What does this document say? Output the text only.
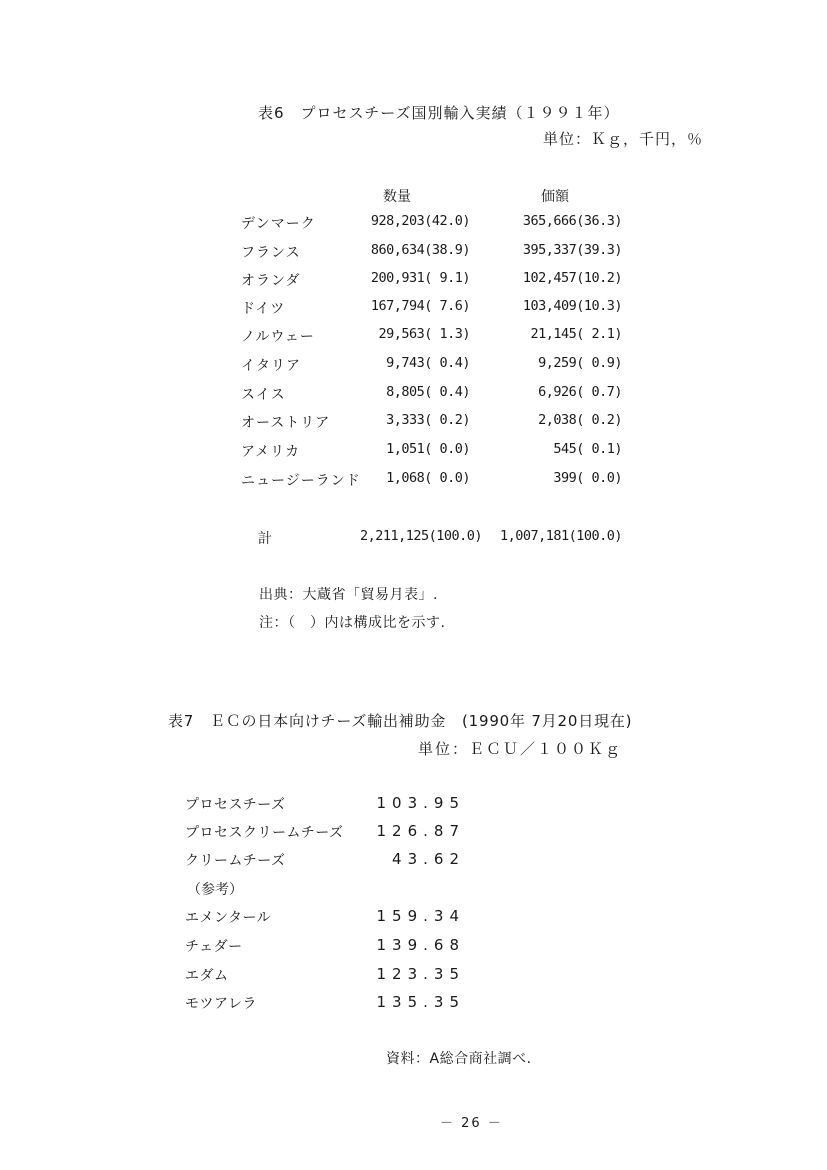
表6　プロセスチーズ国別輸入実績（１９９１年）
単位：Ｋｇ，千円，％
数量	価額
デンマーク	928,203(42.0)	365,666(36.3)
フランス	860,634(38.9)	395,337(39.3)
オランダ	200,931( 9.1)	102,457(10.2)
ドイツ	167,794( 7.6)	103,409(10.3)
ノルウェー	29,563( 1.3)	21,145( 2.1)
イタリア	9,743( 0.4)	9,259( 0.9)
スイス	8,805( 0.4)	6,926( 0.7)
オーストリア	3,333( 0.2)	2,038( 0.2)
アメリカ	1,051( 0.0)	545( 0.1)
ニュージーランド 1,068( 0.0)	399( 0.0)
計	2,211,125(100.0) 1,007,181(100.0)
出典：大蔵省「貿易月表」.
注：（　）内は構成比を示す.
表7　ＥＣの日本向けチーズ輸出補助金　(1990年 7月20日現在)
単位：ＥＣＵ／１００Ｋｇ
プロセスチーズ	103.95
プロセスクリームチーズ 126.87
クリームチーズ	43.62
（参考）
エメンタール	159.34
チェダー	139.68
エダム	123.35
モツアレラ	135.35
資料：A総合商社調べ.
－ 26 －
